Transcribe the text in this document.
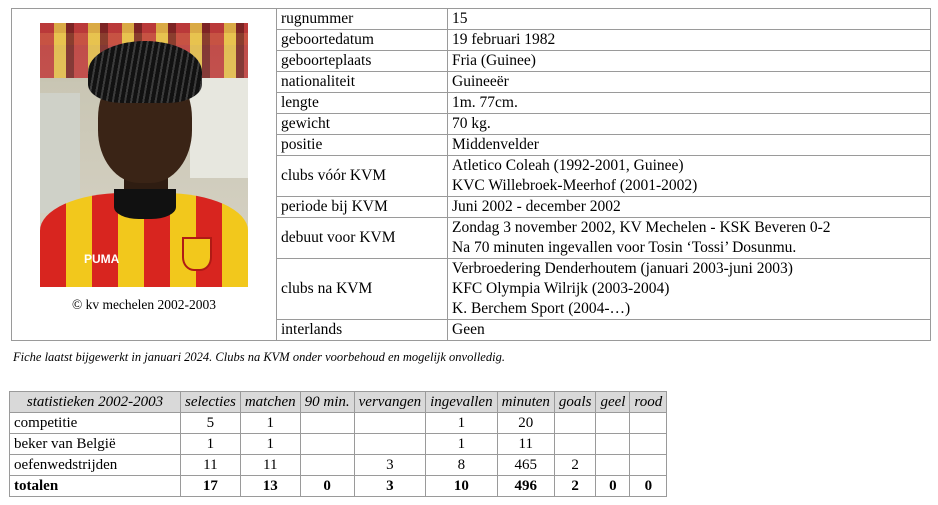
PUMA
© kv mechelen 2002-2003	rugnummer	15

	geboortedatum	19 februari 1982

	geboorteplaats	Fria (Guinee)

	nationaliteit	Guineeër

	lengte	1m. 77cm.

	gewicht	70 kg.

	positie	Middenvelder

	clubs vóór KVM	Atletico Coleah (1992-2001, Guinee)
KVC Willebroek-Meerhof (2001-2002)

	periode bij KVM	Juni 2002 - december 2002

	debuut voor KVM	Zondag 3 november 2002, KV Mechelen - KSK Beveren 0-2
Na 70 minuten ingevallen voor Tosin ‘Tossi’ Dosunmu.

	clubs na KVM	Verbroedering Denderhoutem (januari 2003-juni 2003)
KFC Olympia Wilrijk (2003-2004)
K. Berchem Sport (2004-…)

	interlands	Geen
Fiche laatst bijgewerkt in januari 2024. Clubs na KVM onder voorbehoud en mogelijk onvolledig.
statistieken 2002-2003	selecties	matchen	90 min.	vervangen	ingevallen	minuten	goals	geel	rood
competitie	5	1			1	20			
beker van België	1	1			1	11			
oefenwedstrijden	11	11		3	8	465	2		
totalen	17	13	0	3	10	496	2	0	0
